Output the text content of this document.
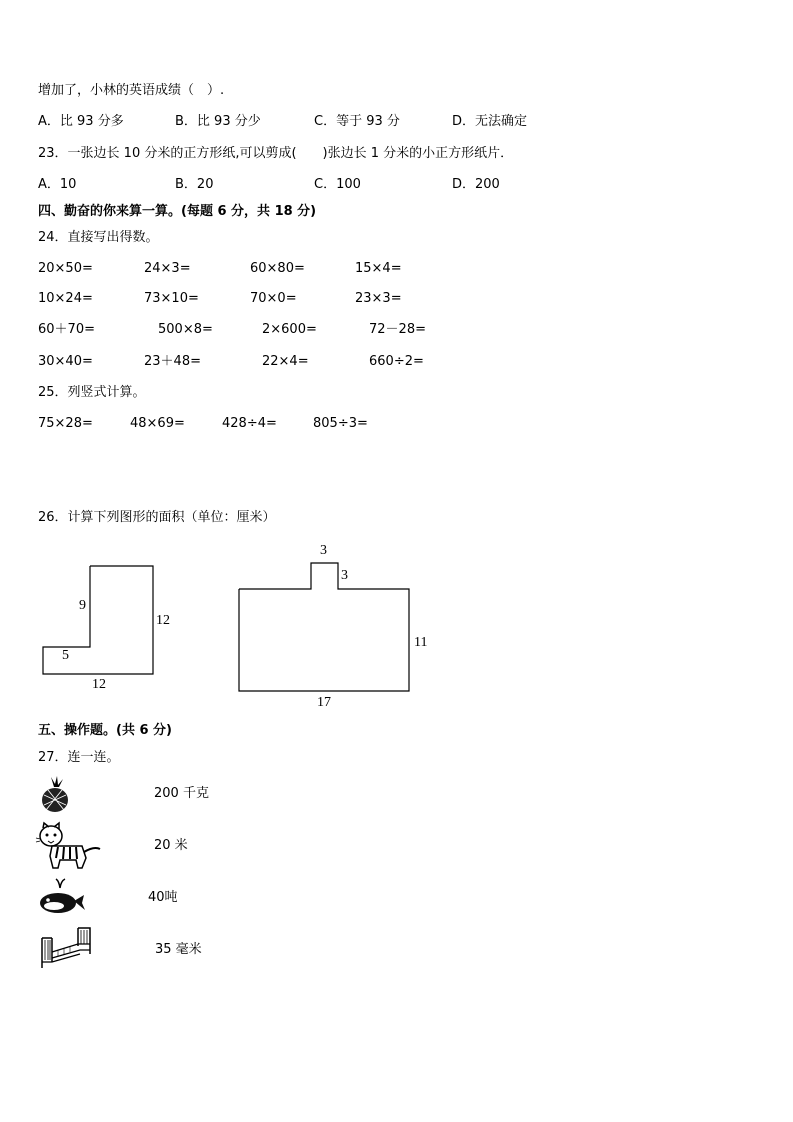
增加了，小林的英语成绩（　）.
A．比 93 分多	B．比 93 分少	C．等于 93 分	D．无法确定
23．一张边长 10 分米的正方形纸,可以剪成(　　)张边长 1 分米的小正方形纸片．
A．10	B．20	C．100	D．200
四、勤奋的你来算一算。(每题 6 分，共 18 分)
24．直接写出得数。
20×50=	24×3=	60×80=	15×4=
10×24=	73×10=	70×0=	23×3=
60＋70=	500×8=	2×600=	72－28=
30×40=	23＋48=	22×4=	660÷2=
25．列竖式计算。
75×28=	48×69=	428÷4=	805÷3=
26．计算下列图形的面积（单位：厘米）
9
12
5
12
3
3
11
17
五、操作题。(共 6 分)
27．连一连。
200 千克
20 米
40吨
35 毫米
